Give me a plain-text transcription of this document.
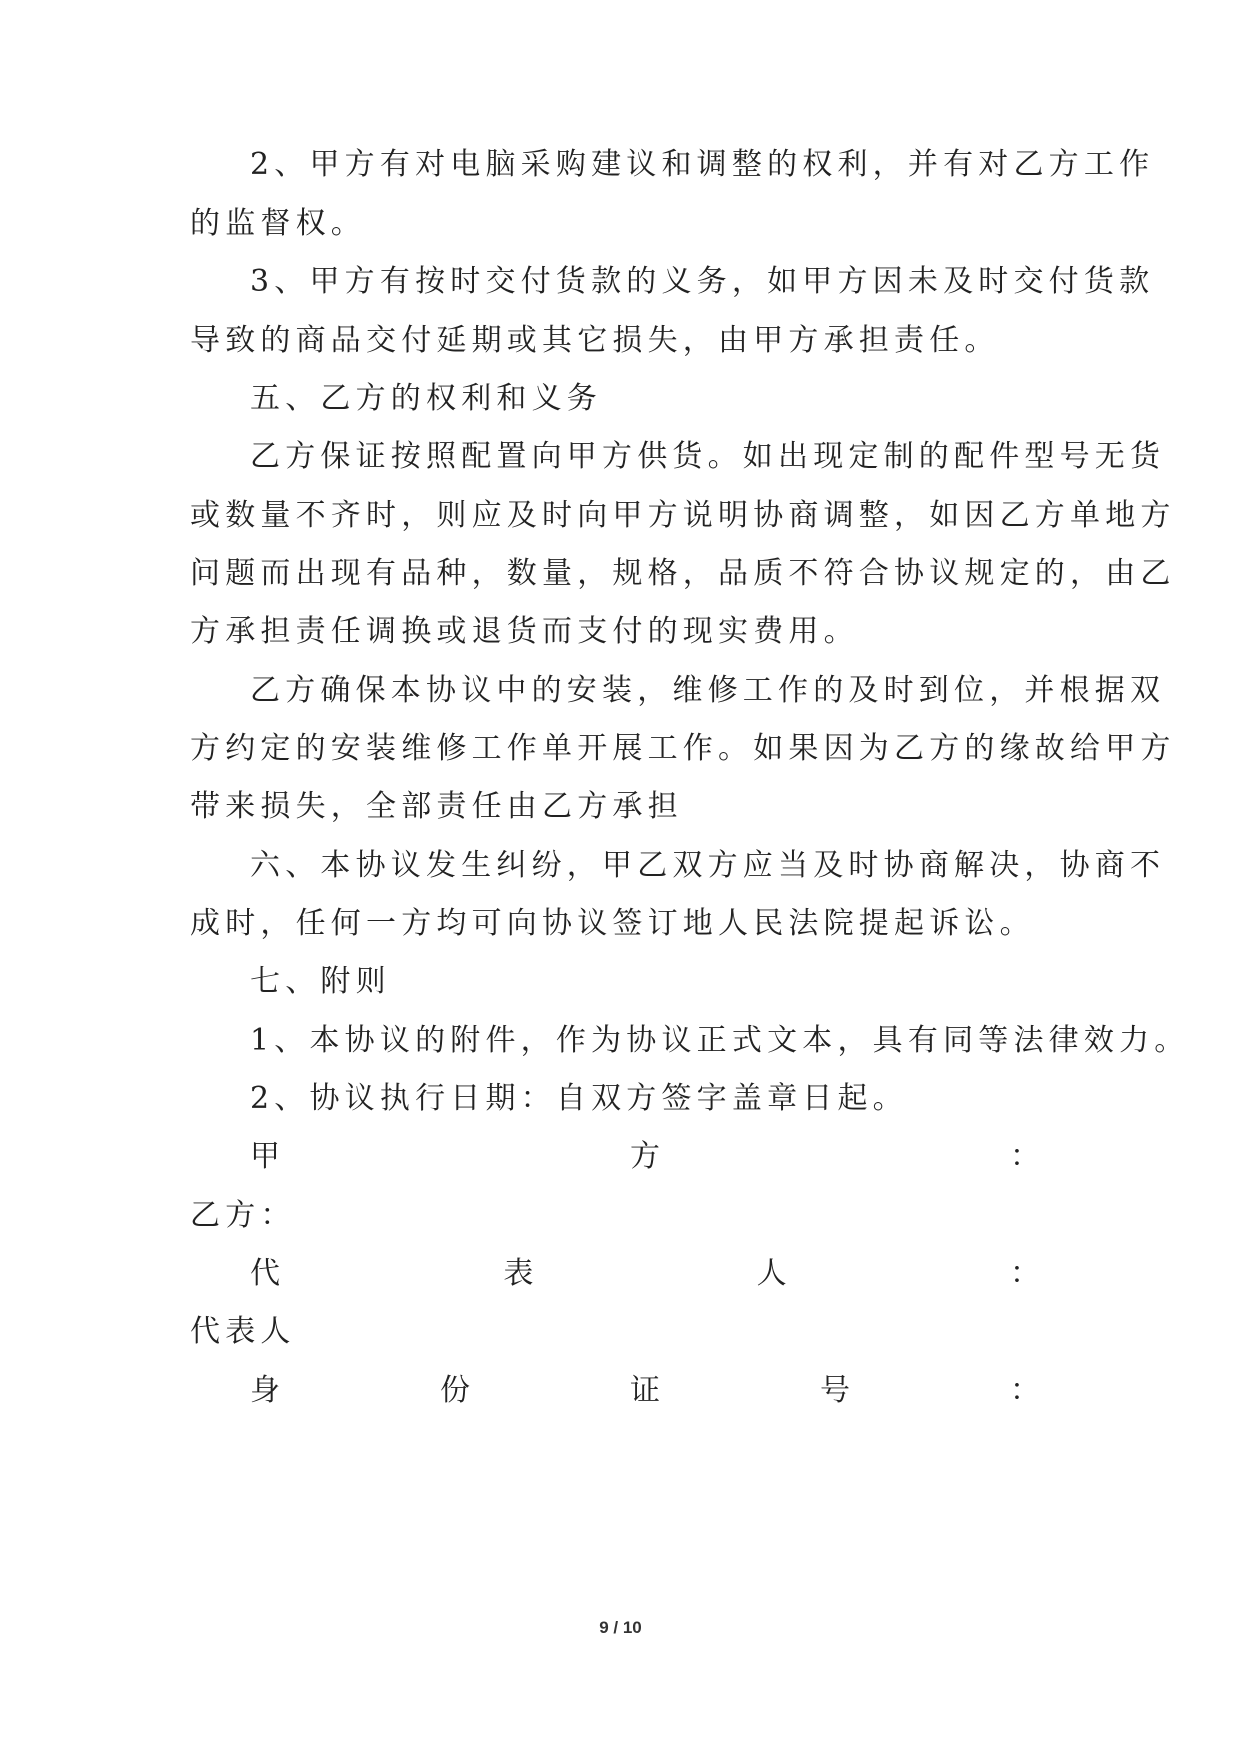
2、甲方有对电脑采购建议和调整的权利，并有对乙方工作
的监督权。
3、甲方有按时交付货款的义务，如甲方因未及时交付货款
导致的商品交付延期或其它损失，由甲方承担责任。
五、乙方的权利和义务
乙方保证按照配置向甲方供货。如出现定制的配件型号无货
或数量不齐时，则应及时向甲方说明协商调整，如因乙方单地方
问题而出现有品种，数量，规格，品质不符合协议规定的，由乙
方承担责任调换或退货而支付的现实费用。
乙方确保本协议中的安装，维修工作的及时到位，并根据双
方约定的安装维修工作单开展工作。如果因为乙方的缘故给甲方
带来损失，全部责任由乙方承担
六、本协议发生纠纷，甲乙双方应当及时协商解决，协商不
成时，任何一方均可向协议签订地人民法院提起诉讼。
七、附则
1、本协议的附件，作为协议正式文本，具有同等法律效力。
2、协议执行日期：自双方签字盖章日起。
甲	方	：
乙方：
代	表	人	：
代表人
身	份	证	号	：
9 / 10
